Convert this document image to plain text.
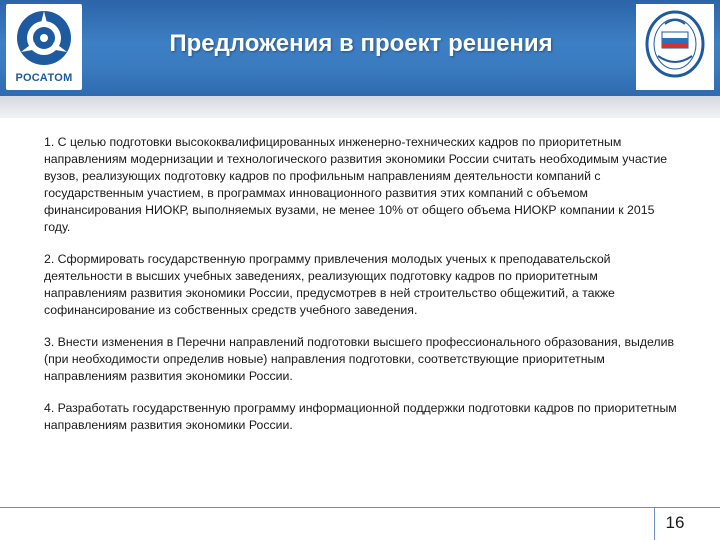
РОСАТОМ
Предложения в проект решения

1. С целью подготовки высококвалифицированных инженерно-технических кадров по приоритетным направлениям модернизации и технологического развития экономики России считать необходимым участие вузов, реализующих подготовку кадров по профильным направлениям деятельности компаний с государственным участием, в программах инновационного развития этих компаний с объемом финансирования НИОКР, выполняемых вузами, не менее 10% от общего объема НИОКР компании к 2015 году.

2. Сформировать государственную программу привлечения молодых ученых к преподавательской деятельности в высших учебных заведениях, реализующих подготовку кадров по приоритетным направлениям развития экономики России, предусмотрев в ней строительство общежитий, а также софинансирование из собственных средств учебного заведения.

3. Внести изменения в Перечни направлений подготовки высшего профессионального образования, выделив (при необходимости определив новые) направления подготовки, соответствующие приоритетным направлениям развития экономики России.

4. Разработать государственную программу информационной поддержки подготовки кадров по приоритетным направлениям развития экономики России.

16
